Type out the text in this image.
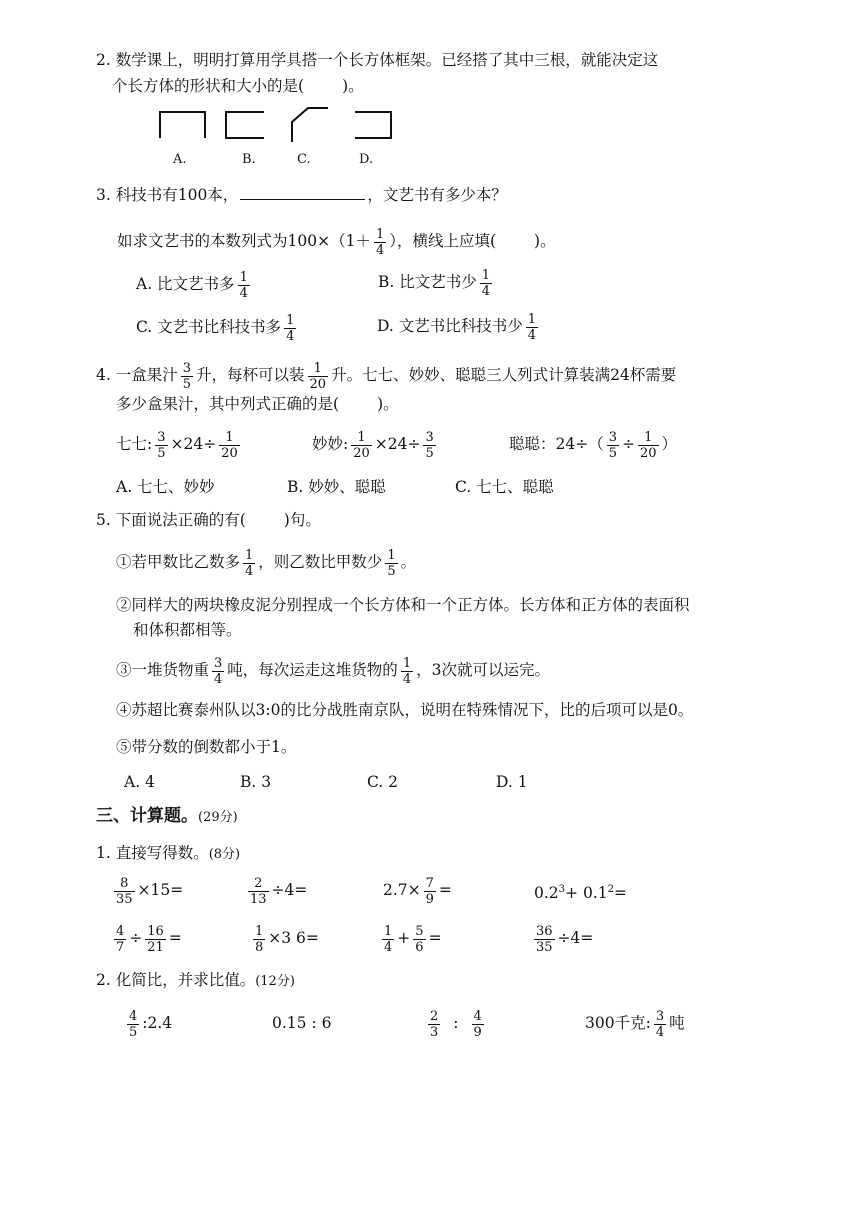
2. 数学课上，明明打算用学具搭一个长方体框架。已经搭了其中三根，就能决定这
个长方体的形状和大小的是( )。
A.	B.	C.	D.
3. 科技书有100本，	，文艺书有多少本？
如求文艺书的本数列式为$100\times(1+ \frac{1}{4}$ ），横线上应填( )。
A. 比文艺书多 $\frac{1}{4}$	B. 比文艺书少 $\frac{1}{4}$
C. 文艺书比科技书多 $\frac{1}{4}$	D. 文艺书比科技书少 $\frac{1}{4}$
4. 一盒果汁 $\frac{3}{5}$ 升，每杯可以装 $\frac{1}{20}$ 升。七七、妙妙、聪聪三人列式计算装满24杯需要
多少盒果汁，其中列式正确的是( )。
七七: $\frac{3}{5} \times 24\div \frac{1}{20}$	妙妙: $\frac{1}{20} \times 24\div \frac{3}{5}$	聪聪：$24\div( \frac{3}{5} \div \frac{1}{20}$ ）
A. 七七、妙妙	B. 妙妙、聪聪	C. 七七、聪聪
5. 下面说法正确的有( )句。
①若甲数比乙数多 $\frac{1}{4}$ ，则乙数比甲数少 $\frac{1}{5}$ 。
②同样大的两块橡皮泥分别捏成一个长方体和一个正方体。长方体和正方体的表面积
和体积都相等。
③一堆货物重 $\frac{3}{4}$ 吨，每次运走这堆货物的 $\frac{1}{4}$ ，3次就可以运完。
④苏超比赛泰州队以3:0的比分战胜南京队，说明在特殊情况下，比的后项可以是0。
⑤带分数的倒数都小于1。
A. 4	B. 3	C. 2	D. 1
三、计算题。(29分)
1. 直接写得数。(8分)
$\frac{8}{35} \times 15=$	$\frac{2}{13} \div 4=$	$2.7\times \frac{7}{9}$ =	$0.2^3+ 0.1^2=$
$\frac{4}{7} \div \frac{16}{21}$ =	$\frac{1}{8} \times 3$ 6=	$\frac{1}{4} + \frac{5}{6}$ =	$\frac{36}{35} \div 4=$
2. 化简比，并求比值。(12分)
$\frac{4}{5}$ :2.4	0.15 : 6	$\frac{2}{3}$ : $\frac{4}{9}$	300千克: $\frac{3}{4}$ 吨
